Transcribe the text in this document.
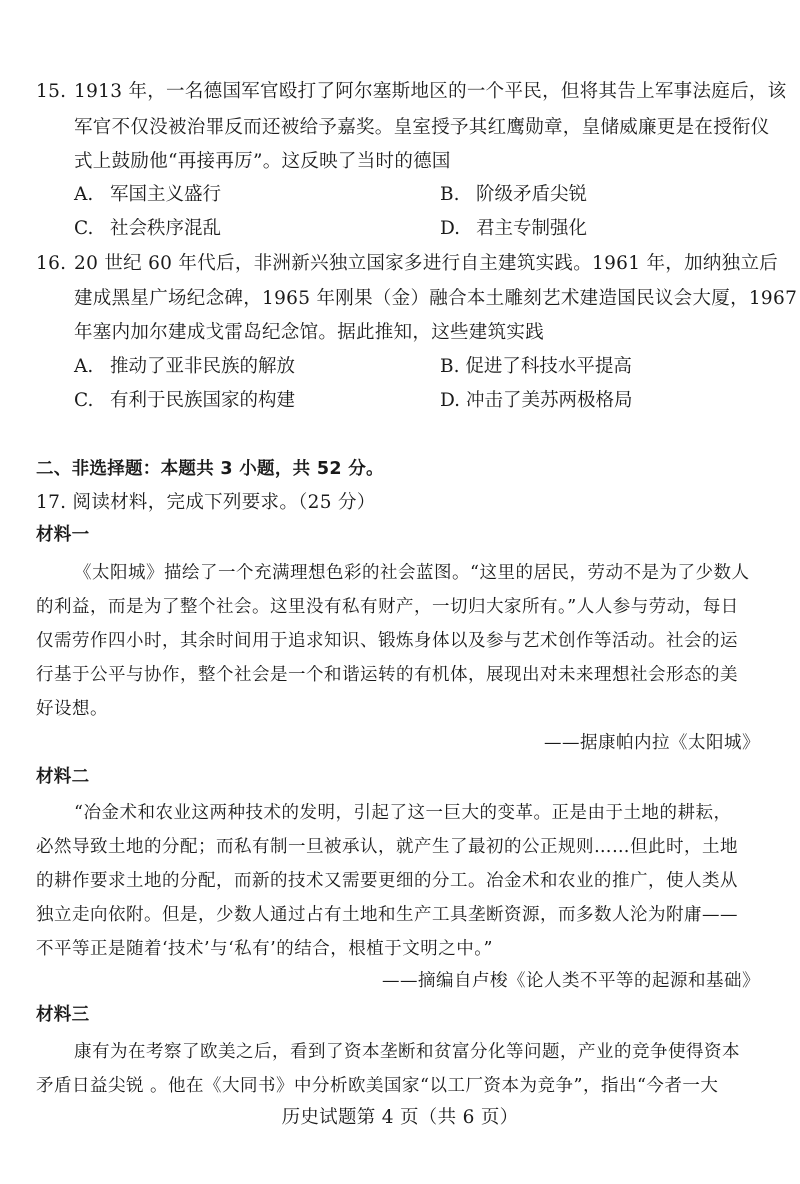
15. 1913 年，一名德国军官殴打了阿尔塞斯地区的一个平民，但将其告上军事法庭后，该
军官不仅没被治罪反而还被给予嘉奖。皇室授予其红鹰勋章，皇储威廉更是在授衔仪
式上鼓励他“再接再厉”。这反映了当时的德国
A. 军国主义盛行	B. 阶级矛盾尖锐
C. 社会秩序混乱	D. 君主专制强化
16. 20 世纪 60 年代后，非洲新兴独立国家多进行自主建筑实践。1961 年，加纳独立后
建成黑星广场纪念碑，1965 年刚果（金）融合本土雕刻艺术建造国民议会大厦，1967
年塞内加尔建成戈雷岛纪念馆。据此推知，这些建筑实践
A. 推动了亚非民族的解放	B. 促进了科技水平提高
C. 有利于民族国家的构建	D. 冲击了美苏两极格局
二、非选择题：本题共 3 小题，共 52 分。
17. 阅读材料，完成下列要求。（25 分）
材料一
《太阳城》描绘了一个充满理想色彩的社会蓝图。“这里的居民，劳动不是为了少数人
的利益，而是为了整个社会。这里没有私有财产，一切归大家所有。”人人参与劳动，每日
仅需劳作四小时，其余时间用于追求知识、锻炼身体以及参与艺术创作等活动。社会的运
行基于公平与协作，整个社会是一个和谐运转的有机体，展现出对未来理想社会形态的美
好设想。
——据康帕内拉《太阳城》
材料二
“冶金术和农业这两种技术的发明，引起了这一巨大的变革。正是由于土地的耕耘，
必然导致土地的分配；而私有制一旦被承认，就产生了最初的公正规则……但此时，土地
的耕作要求土地的分配，而新的技术又需要更细的分工。冶金术和农业的推广，使人类从
独立走向依附。但是，少数人通过占有土地和生产工具垄断资源，而多数人沦为附庸——
不平等正是随着‘技术’与‘私有’的结合，根植于文明之中。”
——摘编自卢梭《论人类不平等的起源和基础》
材料三
康有为在考察了欧美之后，看到了资本垄断和贫富分化等问题，产业的竞争使得资本
矛盾日益尖锐 。他在《大同书》中分析欧美国家“以工厂资本为竞争”，指出“今者一大
历史试题第 4 页（共 6 页）
